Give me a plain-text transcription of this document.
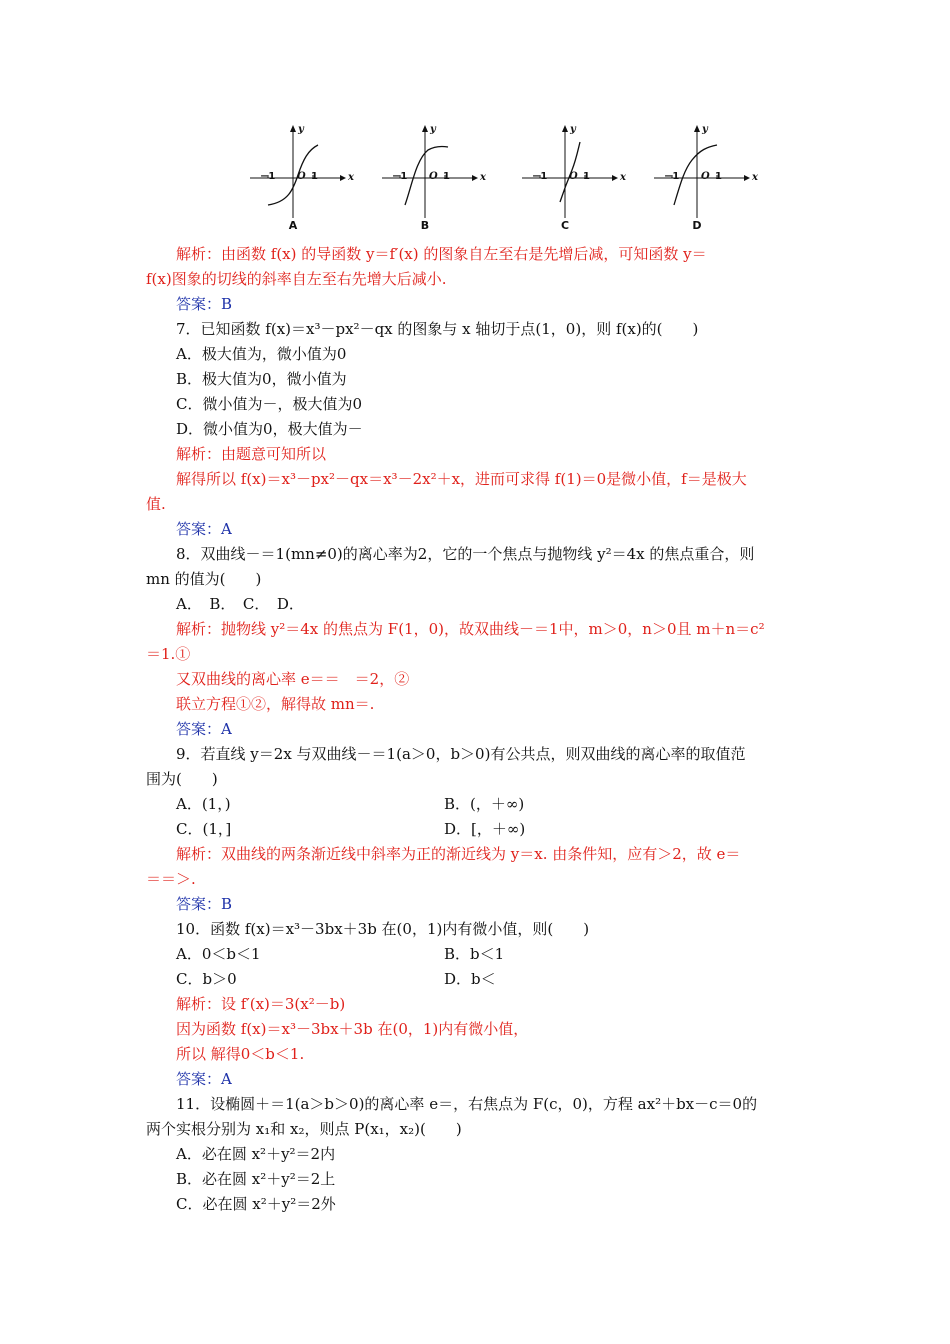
y
x
−1 O 1
A
y
x
−1 O 1
B
y
x
−1 O 1
C
y
x
−1 O 1
D
解析：由函数 f(x) 的导函数 y＝f′(x) 的图象自左至右是先增后减，可知函数 y＝
f(x)图象的切线的斜率自左至右先增大后减小.
答案：B
7．已知函数 f(x)＝x³－px²－qx 的图象与 x 轴切于点(1，0)，则 f(x)的(　　)
A．极大值为，微小值为0
B．极大值为0，微小值为
C．微小值为－，极大值为0
D．微小值为0，极大值为－
解析：由题意可知所以
解得所以 f(x)＝x³－px²－qx＝x³－2x²＋x，进而可求得 f(1)＝0是微小值，f＝是极大
值.
答案：A
8．双曲线－＝1(mn≠0)的离心率为2，它的一个焦点与抛物线 y²＝4x 的焦点重合，则
mn 的值为(　　)
A．　B．　C．　D．
解析：抛物线 y²＝4x 的焦点为 F(1，0)，故双曲线－＝1中，m＞0，n＞0且 m＋n＝c²
＝1.①
又双曲线的离心率 e＝＝　＝2，②
联立方程①②，解得故 mn＝.
答案：A
9．若直线 y＝2x 与双曲线－＝1(a＞0，b＞0)有公共点，则双曲线的离心率的取值范
围为(　　)
A．(1，)	B．(，＋∞)
C．(1，]	D．[，＋∞)
解析：双曲线的两条渐近线中斜率为正的渐近线为 y＝x. 由条件知，应有＞2，故 e＝
＝＝＞.
答案：B
10．函数 f(x)＝x³－3bx＋3b 在(0，1)内有微小值，则(　　)
A．0＜b＜1	B．b＜1
C．b＞0	D．b＜
解析：设 f′(x)＝3(x²－b)
因为函数 f(x)＝x³－3bx＋3b 在(0，1)内有微小值，
所以 解得0＜b＜1.
答案：A
11．设椭圆＋＝1(a＞b＞0)的离心率 e＝，右焦点为 F(c，0)，方程 ax²＋bx－c＝0的
两个实根分别为 x₁和 x₂，则点 P(x₁，x₂)(　　)
A．必在圆 x²＋y²＝2内
B．必在圆 x²＋y²＝2上
C．必在圆 x²＋y²＝2外
